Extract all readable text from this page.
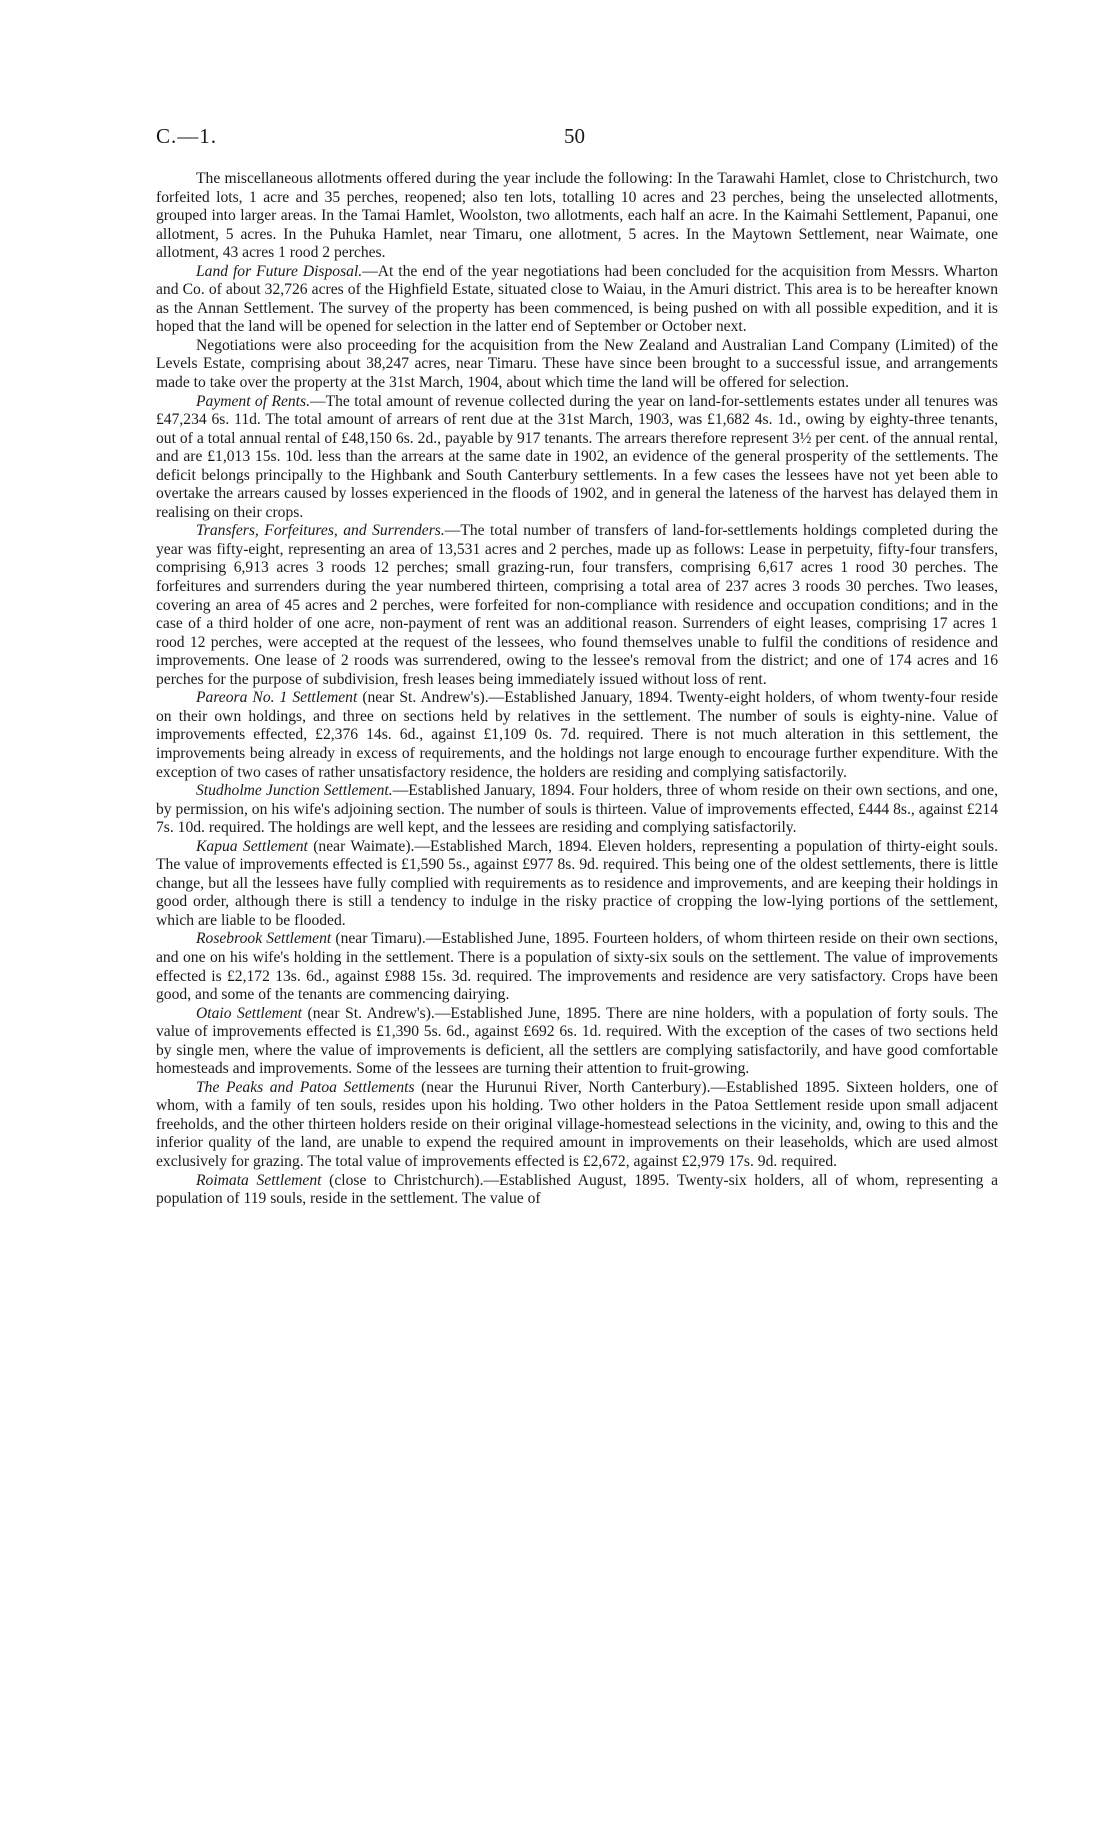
C.—1.	50

The miscellaneous allotments offered during the year include the following: In the Tarawahi Hamlet, close to Christchurch, two forfeited lots, 1 acre and 35 perches, reopened; also ten lots, totalling 10 acres and 23 perches, being the unselected allotments, grouped into larger areas. In the Tamai Hamlet, Woolston, two allotments, each half an acre. In the Kaimahi Settlement, Papanui, one allotment, 5 acres. In the Puhuka Hamlet, near Timaru, one allotment, 5 acres. In the Maytown Settlement, near Waimate, one allotment, 43 acres 1 rood 2 perches.

Land for Future Disposal.—At the end of the year negotiations had been concluded for the acquisition from Messrs. Wharton and Co. of about 32,726 acres of the Highfield Estate, situated close to Waiau, in the Amuri district. This area is to be hereafter known as the Annan Settlement. The survey of the property has been commenced, is being pushed on with all possible expedition, and it is hoped that the land will be opened for selection in the latter end of September or October next.

Negotiations were also proceeding for the acquisition from the New Zealand and Australian Land Company (Limited) of the Levels Estate, comprising about 38,247 acres, near Timaru. These have since been brought to a successful issue, and arrangements made to take over the property at the 31st March, 1904, about which time the land will be offered for selection.

Payment of Rents.—The total amount of revenue collected during the year on land-for-settlements estates under all tenures was £47,234 6s. 11d. The total amount of arrears of rent due at the 31st March, 1903, was £1,682 4s. 1d., owing by eighty-three tenants, out of a total annual rental of £48,150 6s. 2d., payable by 917 tenants. The arrears therefore represent 3½ per cent. of the annual rental, and are £1,013 15s. 10d. less than the arrears at the same date in 1902, an evidence of the general prosperity of the settlements. The deficit belongs principally to the Highbank and South Canterbury settlements. In a few cases the lessees have not yet been able to overtake the arrears caused by losses experienced in the floods of 1902, and in general the lateness of the harvest has delayed them in realising on their crops.

Transfers, Forfeitures, and Surrenders.—The total number of transfers of land-for-settlements holdings completed during the year was fifty-eight, representing an area of 13,531 acres and 2 perches, made up as follows: Lease in perpetuity, fifty-four transfers, comprising 6,913 acres 3 roods 12 perches; small grazing-run, four transfers, comprising 6,617 acres 1 rood 30 perches. The forfeitures and surrenders during the year numbered thirteen, comprising a total area of 237 acres 3 roods 30 perches. Two leases, covering an area of 45 acres and 2 perches, were forfeited for non-compliance with residence and occupation conditions; and in the case of a third holder of one acre, non-payment of rent was an additional reason. Surrenders of eight leases, comprising 17 acres 1 rood 12 perches, were accepted at the request of the lessees, who found themselves unable to fulfil the conditions of residence and improvements. One lease of 2 roods was surrendered, owing to the lessee's removal from the district; and one of 174 acres and 16 perches for the purpose of subdivision, fresh leases being immediately issued without loss of rent.

Pareora No. 1 Settlement (near St. Andrew's).—Established January, 1894. Twenty-eight holders, of whom twenty-four reside on their own holdings, and three on sections held by relatives in the settlement. The number of souls is eighty-nine. Value of improvements effected, £2,376 14s. 6d., against £1,109 0s. 7d. required. There is not much alteration in this settlement, the improvements being already in excess of requirements, and the holdings not large enough to encourage further expenditure. With the exception of two cases of rather unsatisfactory residence, the holders are residing and complying satisfactorily.

Studholme Junction Settlement.—Established January, 1894. Four holders, three of whom reside on their own sections, and one, by permission, on his wife's adjoining section. The number of souls is thirteen. Value of improvements effected, £444 8s., against £214 7s. 10d. required. The holdings are well kept, and the lessees are residing and complying satisfactorily.

Kapua Settlement (near Waimate).—Established March, 1894. Eleven holders, representing a population of thirty-eight souls. The value of improvements effected is £1,590 5s., against £977 8s. 9d. required. This being one of the oldest settlements, there is little change, but all the lessees have fully complied with requirements as to residence and improvements, and are keeping their holdings in good order, although there is still a tendency to indulge in the risky practice of cropping the low-lying portions of the settlement, which are liable to be flooded.

Rosebrook Settlement (near Timaru).—Established June, 1895. Fourteen holders, of whom thirteen reside on their own sections, and one on his wife's holding in the settlement. There is a population of sixty-six souls on the settlement. The value of improvements effected is £2,172 13s. 6d., against £988 15s. 3d. required. The improvements and residence are very satisfactory. Crops have been good, and some of the tenants are commencing dairying.

Otaio Settlement (near St. Andrew's).—Established June, 1895. There are nine holders, with a population of forty souls. The value of improvements effected is £1,390 5s. 6d., against £692 6s. 1d. required. With the exception of the cases of two sections held by single men, where the value of improvements is deficient, all the settlers are complying satisfactorily, and have good comfortable homesteads and improvements. Some of the lessees are turning their attention to fruit-growing.

The Peaks and Patoa Settlements (near the Hurunui River, North Canterbury).—Established 1895. Sixteen holders, one of whom, with a family of ten souls, resides upon his holding. Two other holders in the Patoa Settlement reside upon small adjacent freeholds, and the other thirteen holders reside on their original village-homestead selections in the vicinity, and, owing to this and the inferior quality of the land, are unable to expend the required amount in improvements on their leaseholds, which are used almost exclusively for grazing. The total value of improvements effected is £2,672, against £2,979 17s. 9d. required.

Roimata Settlement (close to Christchurch).—Established August, 1895. Twenty-six holders, all of whom, representing a population of 119 souls, reside in the settlement. The value of
